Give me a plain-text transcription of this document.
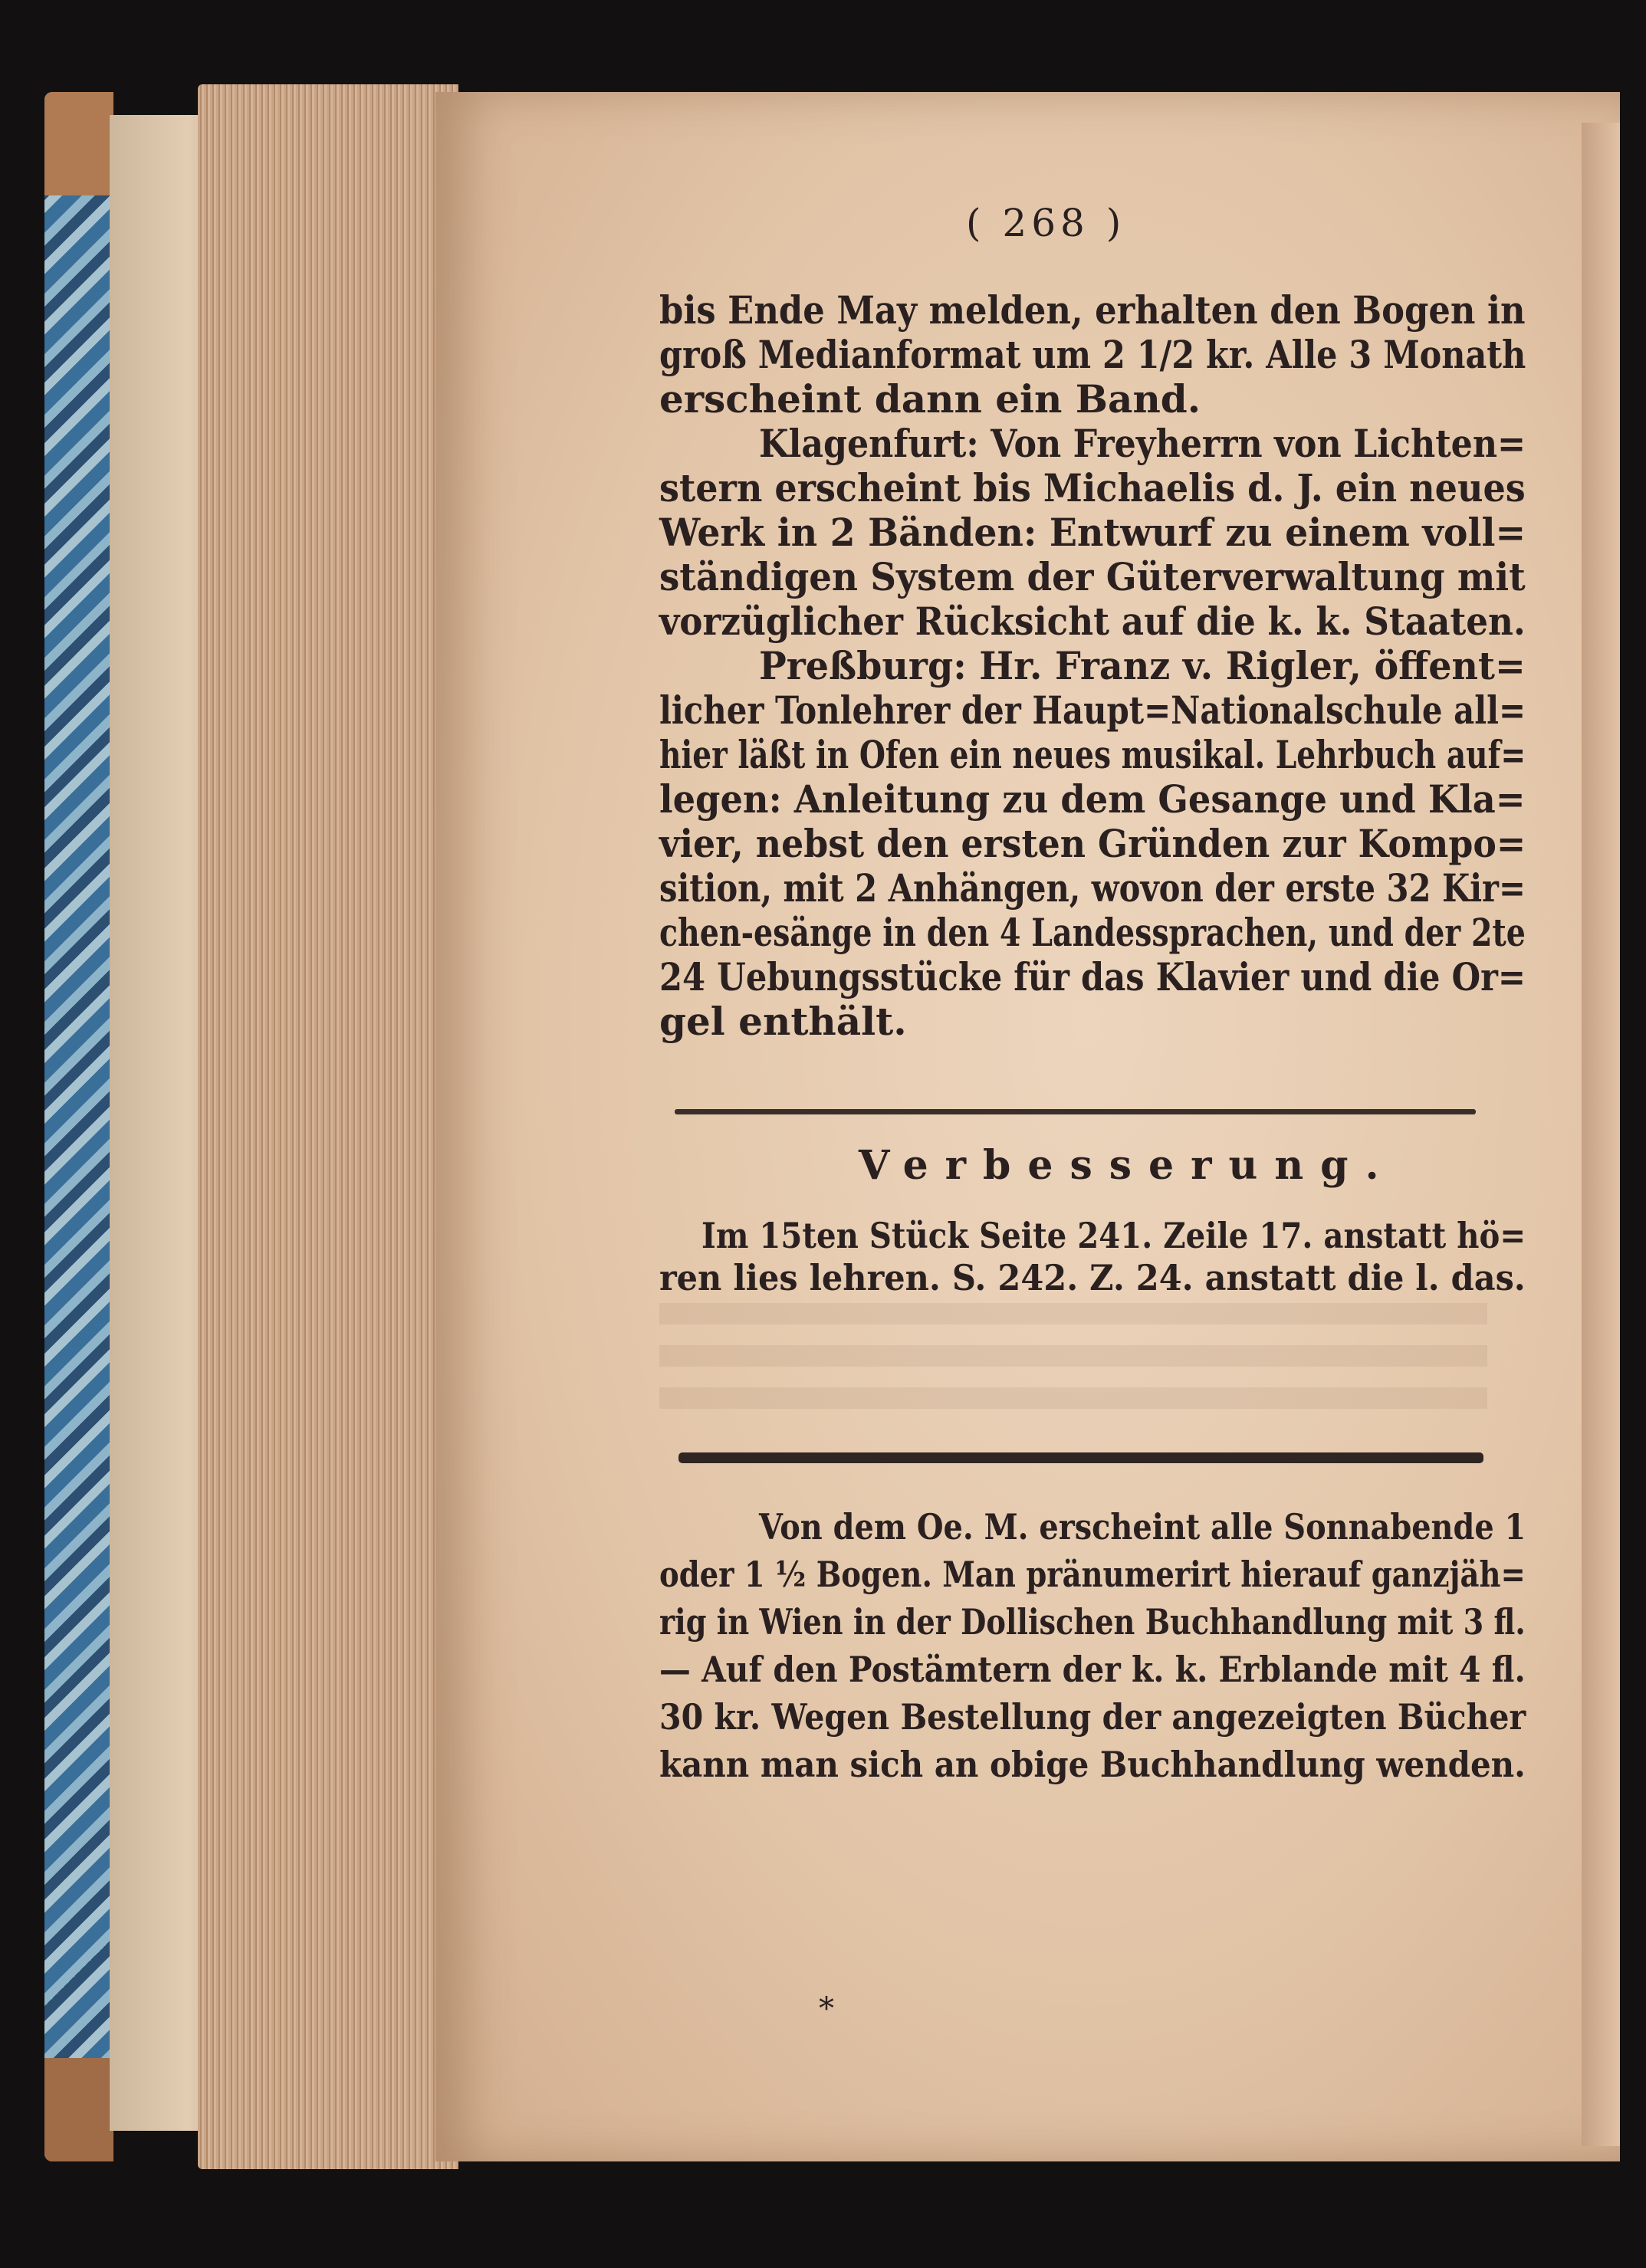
( 268 )
bis Ende May melden, erhalten den Bogen in
groß Medianformat um 2 1/2 kr. Alle 3 Monath
erscheint dann ein Band.
Klagenfurt: Von Freyherrn von Lichten=
stern erscheint bis Michaelis d. J. ein neues
Werk in 2 Bänden: Entwurf zu einem voll=
ständigen System der Güterverwaltung mit
vorzüglicher Rücksicht auf die k. k. Staaten.
Preßburg: Hr. Franz v. Rigler, öffent=
licher Tonlehrer der Haupt=Nationalschule all=
hier läßt in Ofen ein neues musikal. Lehrbuch auf=
legen: Anleitung zu dem Gesange und Kla=
vier, nebst den ersten Gründen zur Kompo=
sition, mit 2 Anhängen, wovon der erste 32 Kir=
chen-esänge in den 4 Landessprachen, und der 2te
24 Uebungsstücke für das Klavier und die Or=
gel enthält.
Verbesserung.
Im 15ten Stück Seite 241. Zeile 17. anstatt hö=
ren lies lehren. S. 242. Z. 24. anstatt die l. das.
Von dem Oe. M. erscheint alle Sonnabende 1
oder 1 ½ Bogen. Man pränumerirt hierauf ganzjäh=
rig in Wien in der Dollischen Buchhandlung mit 3 fl.
— Auf den Postämtern der k. k. Erblande mit 4 fl.
30 kr. Wegen Bestellung der angezeigten Bücher
kann man sich an obige Buchhandlung wenden.
*
